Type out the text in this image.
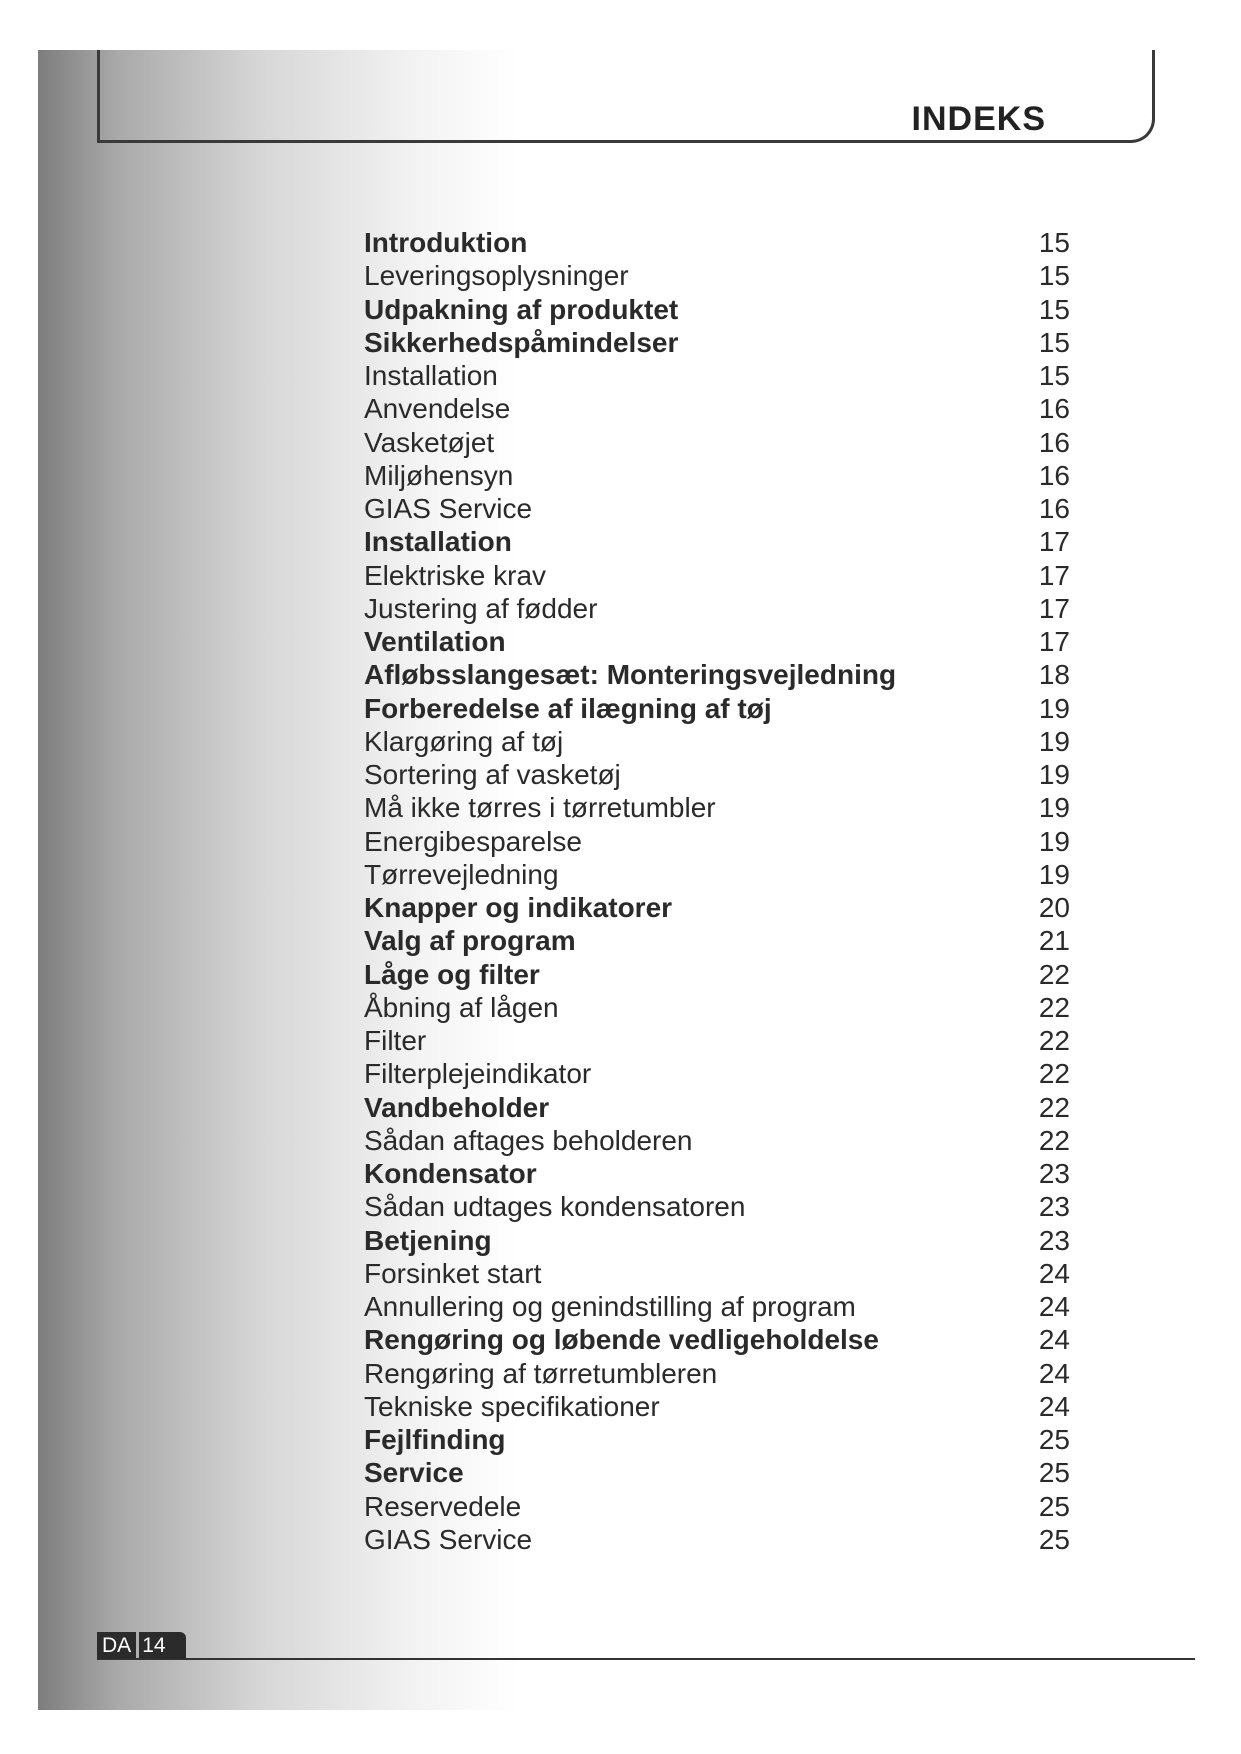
INDEKS
Introduktion	15
Leveringsoplysninger	15
Udpakning af produktet	15
Sikkerhedspåmindelser	15
Installation	15
Anvendelse	16
Vasketøjet	16
Miljøhensyn	16
GIAS Service	16
Installation	17
Elektriske krav	17
Justering af fødder	17
Ventilation	17
Afløbsslangesæt: Monteringsvejledning	18
Forberedelse af ilægning af tøj	19
Klargøring af tøj	19
Sortering af vasketøj	19
Må ikke tørres i tørretumbler	19
Energibesparelse	19
Tørrevejledning	19
Knapper og indikatorer	20
Valg af program	21
Låge og filter	22
Åbning af lågen	22
Filter	22
Filterplejeindikator	22
Vandbeholder	22
Sådan aftages beholderen	22
Kondensator	23
Sådan udtages kondensatoren	23
Betjening	23
Forsinket start	24
Annullering og genindstilling af program	24
Rengøring og løbende vedligeholdelse	24
Rengøring af tørretumbleren	24
Tekniske specifikationer	24
Fejlfinding	25
Service	25
Reservedele	25
GIAS Service	25
DA 14
